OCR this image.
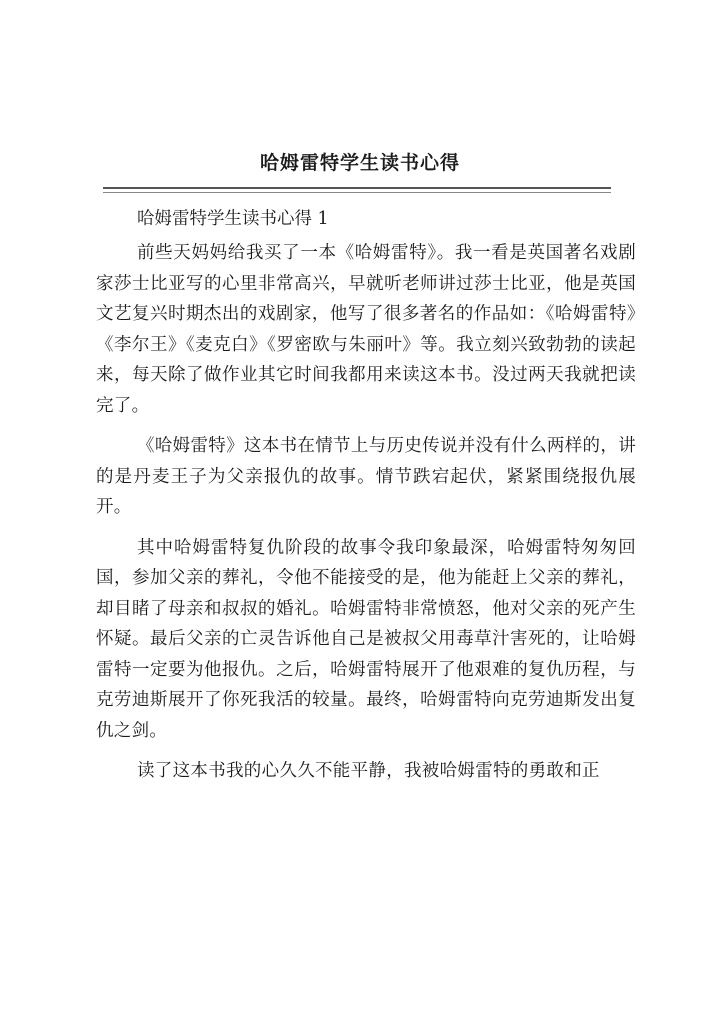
哈姆雷特学生读书心得

哈姆雷特学生读书心得 1

前些天妈妈给我买了一本《哈姆雷特》。我一看是英国著名戏剧家莎士比亚写的心里非常高兴，早就听老师讲过莎士比亚，他是英国文艺复兴时期杰出的戏剧家，他写了很多著名的作品如：《哈姆雷特》《李尔王》《麦克白》《罗密欧与朱丽叶》等。我立刻兴致勃勃的读起来，每天除了做作业其它时间我都用来读这本书。没过两天我就把读完了。

《哈姆雷特》这本书在情节上与历史传说并没有什么两样的，讲的是丹麦王子为父亲报仇的故事。情节跌宕起伏，紧紧围绕报仇展开。

其中哈姆雷特复仇阶段的故事令我印象最深，哈姆雷特匆匆回国，参加父亲的葬礼，令他不能接受的是，他为能赶上父亲的葬礼，却目睹了母亲和叔叔的婚礼。哈姆雷特非常愤怒，他对父亲的死产生怀疑。最后父亲的亡灵告诉他自己是被叔父用毒草汁害死的，让哈姆雷特一定要为他报仇。之后，哈姆雷特展开了他艰难的复仇历程，与克劳迪斯展开了你死我活的较量。最终，哈姆雷特向克劳迪斯发出复仇之剑。

读了这本书我的心久久不能平静，我被哈姆雷特的勇敢和正
